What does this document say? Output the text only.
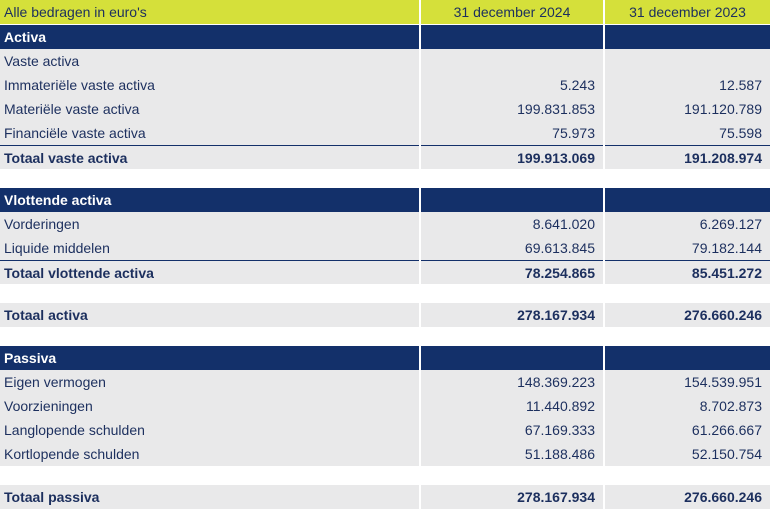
Alle bedragen in euro's	31 december 2024	31 december 2023
Activa
Vaste activa
Immateriële vaste activa	5.243	12.587
Materiële vaste activa	199.831.853	191.120.789
Financiële vaste activa	75.973	75.598
Totaal vaste activa	199.913.069	191.208.974
Vlottende activa
Vorderingen	8.641.020	6.269.127
Liquide middelen	69.613.845	79.182.144
Totaal vlottende activa	78.254.865	85.451.272
Totaal activa	278.167.934	276.660.246
Passiva
Eigen vermogen	148.369.223	154.539.951
Voorzieningen	11.440.892	8.702.873
Langlopende schulden	67.169.333	61.266.667
Kortlopende schulden	51.188.486	52.150.754
Totaal passiva	278.167.934	276.660.246
